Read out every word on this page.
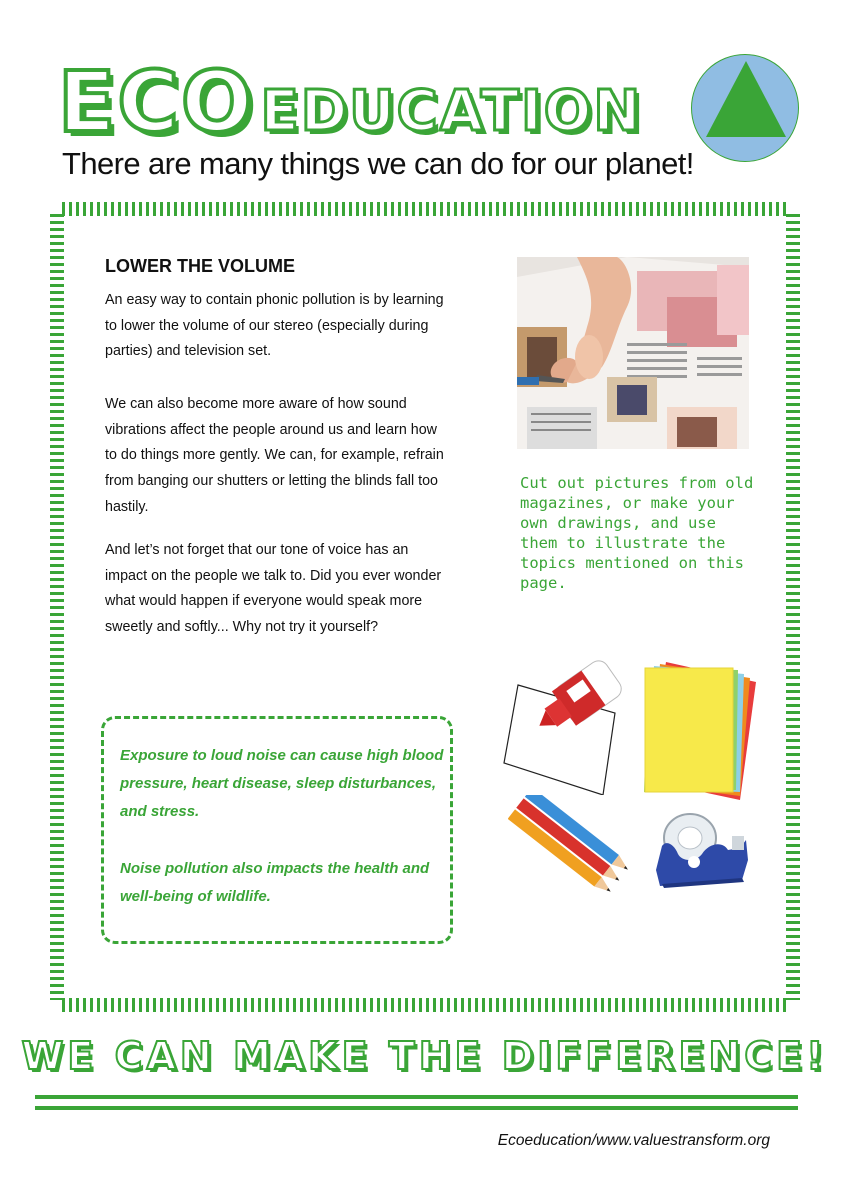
ECO EDUCATION
There are many things we can do for our planet!
LOWER THE VOLUME

An easy way to contain phonic pollution is by learning to lower the volume of our stereo (especially during parties) and television set.

We can also become more aware of how sound vibrations affect the people around us and learn how to do things more gently. We can, for example, refrain from banging our shutters or letting the blinds fall too hastily.

And let’s not forget that our tone of voice has an impact on the people we talk to. Did you ever wonder what would happen if everyone would speak more sweetly and softly... Why not try it yourself?

Cut out pictures from old magazines, or make your own drawings, and use them to illustrate the topics mentioned on this page.

Exposure to loud noise can cause high blood pressure, heart disease, sleep disturbances, and stress.

Noise pollution also impacts the health and well-being of wildlife.

WE CAN MAKE THE DIFFERENCE!
Ecoeducation/www.valuestransform.org
